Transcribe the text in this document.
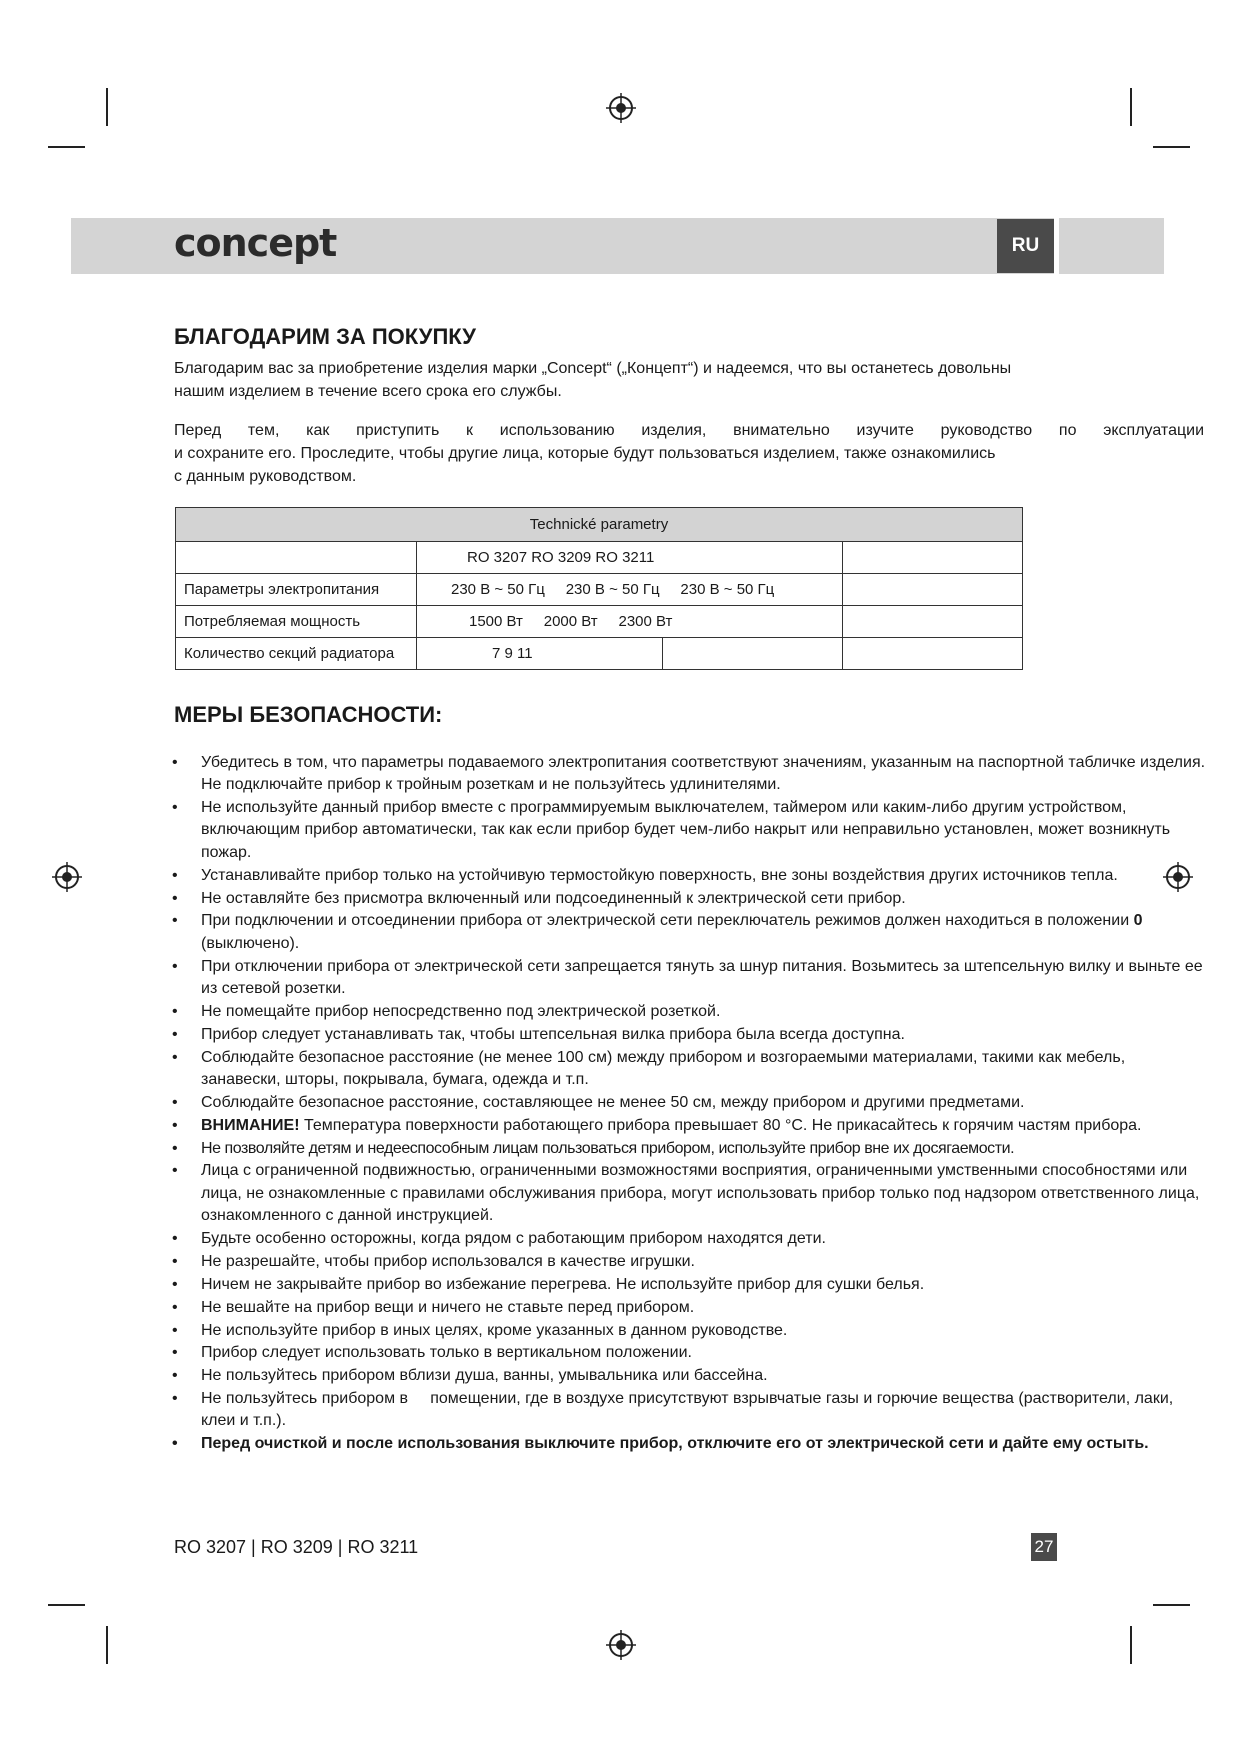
concept	RU
БЛАГОДАРИМ ЗА ПОКУПКУ

Благодарим вас за приобретение изделия марки „Concept“ („Концепт“) и надеемся, что вы останетесь довольны

нашим изделием в течение всего срока его службы.

Перед тем, как приступить к использованию изделия, внимательно изучите руководство по эксплуатации

и сохраните его. Проследите, чтобы другие лица, которые будут пользоваться изделием, также ознакомились

с данным руководством.

Technické parametry			
	RO 3207 RO 3209 RO 3211		
Параметры электропитания	230 В ~ 50 Гц     230 В ~ 50 Гц     230 В ~ 50 Гц		
Потребляемая мощность	1500 Вт     2000 Вт     2300 Вт		
Количество секций радиатора	7 9 11		
МЕРЫ БЕЗОПАСНОСТИ:
• Убедитесь в том, что параметры подаваемого электропитания соответствуют значениям, указанным на паспортной табличке изделия. Не подключайте прибор к тройным розеткам и не пользуйтесь удлинителями.
• Не используйте данный прибор вместе с программируемым выключателем, таймером или каким-либо другим устройством, включающим прибор автоматически, так как если прибор будет чем-либо накрыт или неправильно установлен, может возникнуть пожар.
• Устанавливайте прибор только на устойчивую термостойкую поверхность, вне зоны воздействия других источников тепла.
• Не оставляйте без присмотра включенный или подсоединенный к электрической сети прибор.
• При подключении и отсоединении прибора от электрической сети переключатель режимов должен находиться в положении 0 (выключено).
• При отключении прибора от электрической сети запрещается тянуть за шнур питания. Возьмитесь за штепсельную вилку и выньте ее из сетевой розетки.
• Не помещайте прибор непосредственно под электрической розеткой.
• Прибор следует устанавливать так, чтобы штепсельная вилка прибора была всегда доступна.
• Соблюдайте безопасное расстояние (не менее 100 см) между прибором и возгораемыми материалами, такими как мебель, занавески, шторы, покрывала, бумага, одежда и т.п.
• Соблюдайте безопасное расстояние, составляющее не менее 50 см, между прибором и другими предметами.
• ВНИМАНИЕ! Температура поверхности работающего прибора превышает 80 °C. Не прикасайтесь к горячим частям прибора.
• Не позволяйте детям и недееспособным лицам пользоваться прибором, используйте прибор вне их досягаемости.
• Лица с ограниченной подвижностью, ограниченными возможностями восприятия, ограниченными умственными способностями или лица, не ознакомленные с правилами обслуживания прибора, могут использовать прибор только под надзором ответственного лица, ознакомленного с данной инструкцией.
• Будьте особенно осторожны, когда рядом с работающим прибором находятся дети.
• Не разрешайте, чтобы прибор использовался в качестве игрушки.
• Ничем не закрывайте прибор во избежание перегрева. Не используйте прибор для сушки белья.
• Не вешайте на прибор вещи и ничего не ставьте перед прибором.
• Не используйте прибор в иных целях, кроме указанных в данном руководстве.
• Прибор следует использовать только в вертикальном положении.
• Не пользуйтесь прибором вблизи душа, ванны, умывальника или бассейна.
• Не пользуйтесь прибором в     помещении, где в воздухе присутствуют взрывчатые газы и горючие вещества (растворители, лаки, клеи и т.п.).
• Перед очисткой и после использования выключите прибор, отключите его от электрической сети и дайте ему остыть.
RO 3207 | RO 3209 | RO 3211	27
